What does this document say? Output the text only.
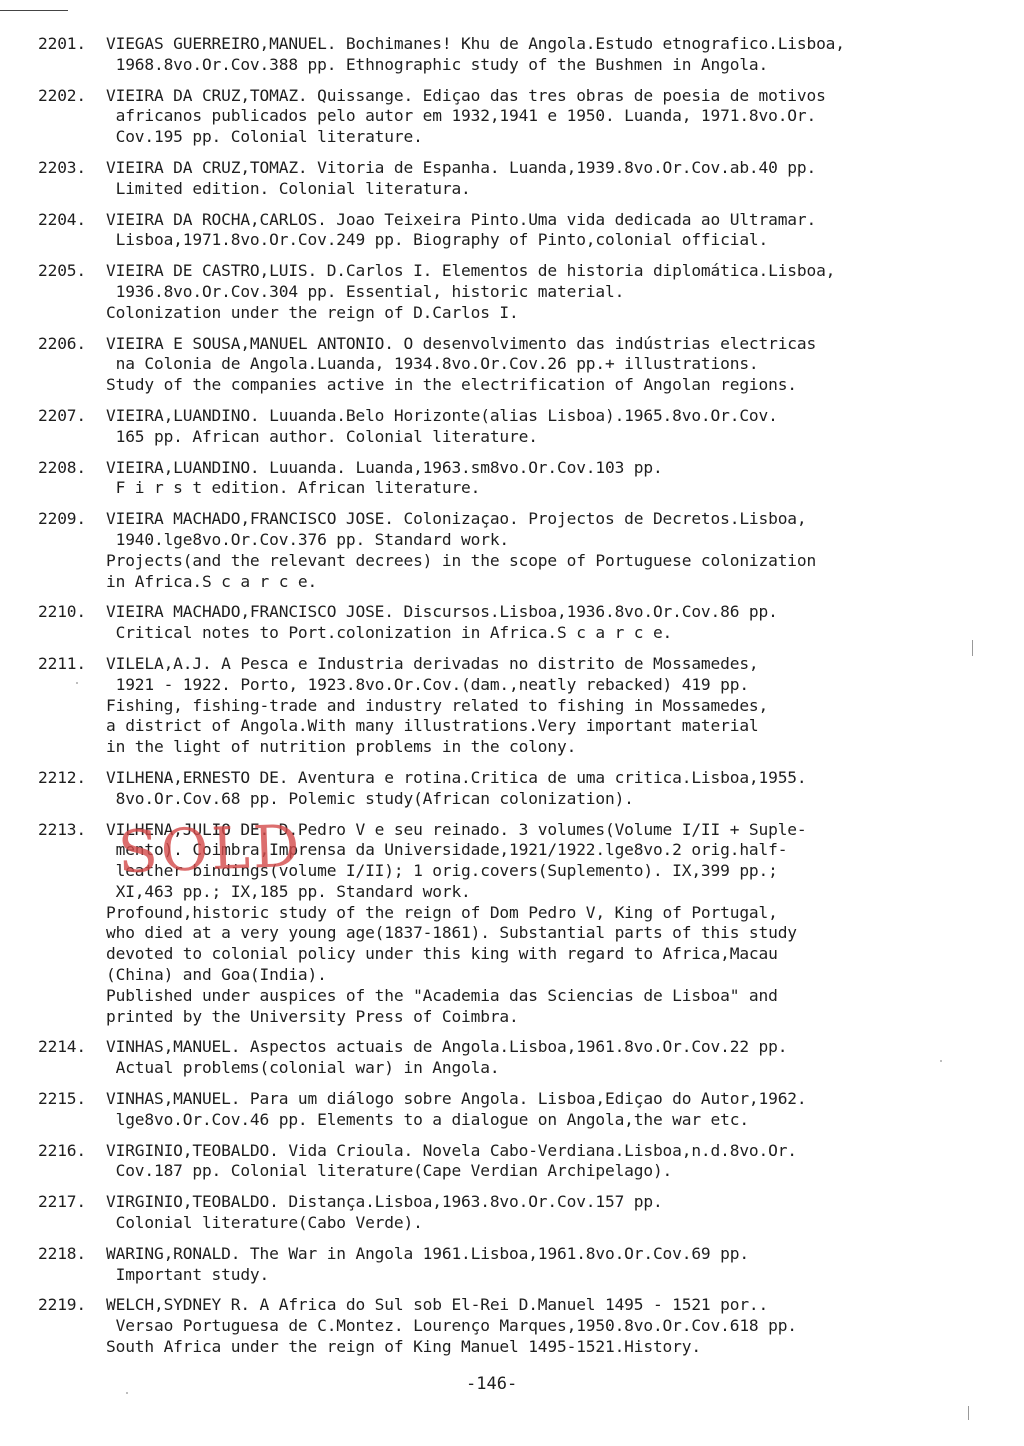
2201. VIEGAS GUERREIRO,MANUEL. Bochimanes! Khu de Angola.Estudo etnografico.Lisboa,
1968.8vo.Or.Cov.388 pp. Ethnographic study of the Bushmen in Angola.
2202. VIEIRA DA CRUZ,TOMAZ. Quissange. Ediçao das tres obras de poesia de motivos
africanos publicados pelo autor em 1932,1941 e 1950. Luanda, 1971.8vo.Or.
Cov.195 pp. Colonial literature.
2203. VIEIRA DA CRUZ,TOMAZ. Vitoria de Espanha. Luanda,1939.8vo.Or.Cov.ab.40 pp.
Limited edition. Colonial literatura.
2204. VIEIRA DA ROCHA,CARLOS. Joao Teixeira Pinto.Uma vida dedicada ao Ultramar.
Lisboa,1971.8vo.Or.Cov.249 pp. Biography of Pinto,colonial official.
2205. VIEIRA DE CASTRO,LUIS. D.Carlos I. Elementos de historia diplomática.Lisboa,
1936.8vo.Or.Cov.304 pp. Essential, historic material.
Colonization under the reign of D.Carlos I.
2206. VIEIRA E SOUSA,MANUEL ANTONIO. O desenvolvimento das indústrias electricas
na Colonia de Angola.Luanda, 1934.8vo.Or.Cov.26 pp.+ illustrations.
Study of the companies active in the electrification of Angolan regions.
2207. VIEIRA,LUANDINO. Luuanda.Belo Horizonte(alias Lisboa).1965.8vo.Or.Cov.
165 pp. African author. Colonial literature.
2208. VIEIRA,LUANDINO. Luuanda. Luanda,1963.sm8vo.Or.Cov.103 pp.
F i r s t edition. African literature.
2209. VIEIRA MACHADO,FRANCISCO JOSE. Colonizaçao. Projectos de Decretos.Lisboa,
1940.lge8vo.Or.Cov.376 pp. Standard work.
Projects(and the relevant decrees) in the scope of Portuguese colonization
in Africa.S c a r c e.
2210. VIEIRA MACHADO,FRANCISCO JOSE. Discursos.Lisboa,1936.8vo.Or.Cov.86 pp.
Critical notes to Port.colonization in Africa.S c a r c e.
2211. VILELA,A.J. A Pesca e Industria derivadas no distrito de Mossamedes,
1921 - 1922. Porto, 1923.8vo.Or.Cov.(dam.,neatly rebacked) 419 pp.
Fishing, fishing-trade and industry related to fishing in Mossamedes,
a district of Angola.With many illustrations.Very important material
in the light of nutrition problems in the colony.
2212. VILHENA,ERNESTO DE. Aventura e rotina.Critica de uma critica.Lisboa,1955.
8vo.Or.Cov.68 pp. Polemic study(African colonization).
2213. VILHENA,JULIO DE. D.Pedro V e seu reinado. 3 volumes(Volume I/II + Suple-
mento). Coimbra,Imprensa da Universidade,1921/1922.lge8vo.2 orig.half-
leather bindings(volume I/II); 1 orig.covers(Suplemento). IX,399 pp.;
XI,463 pp.; IX,185 pp. Standard work.
Profound,historic study of the reign of Dom Pedro V, King of Portugal,
who died at a very young age(1837-1861). Substantial parts of this study
devoted to colonial policy under this king with regard to Africa,Macau
(China) and Goa(India).
Published under auspices of the "Academia das Sciencias de Lisboa" and
printed by the University Press of Coimbra.
2214. VINHAS,MANUEL. Aspectos actuais de Angola.Lisboa,1961.8vo.Or.Cov.22 pp.
Actual problems(colonial war) in Angola.
2215. VINHAS,MANUEL. Para um diálogo sobre Angola. Lisboa,Ediçao do Autor,1962.
lge8vo.Or.Cov.46 pp. Elements to a dialogue on Angola,the war etc.
2216. VIRGINIO,TEOBALDO. Vida Crioula. Novela Cabo-Verdiana.Lisboa,n.d.8vo.Or.
Cov.187 pp. Colonial literature(Cape Verdian Archipelago).
2217. VIRGINIO,TEOBALDO. Distança.Lisboa,1963.8vo.Or.Cov.157 pp.
Colonial literature(Cabo Verde).
2218. WARING,RONALD. The War in Angola 1961.Lisboa,1961.8vo.Or.Cov.69 pp.
Important study.
2219. WELCH,SYDNEY R. A Africa do Sul sob El-Rei D.Manuel 1495 - 1521 por..
Versao Portuguesa de C.Montez. Lourenço Marques,1950.8vo.Or.Cov.618 pp.
South Africa under the reign of King Manuel 1495-1521.History.
SOLD
-146-
